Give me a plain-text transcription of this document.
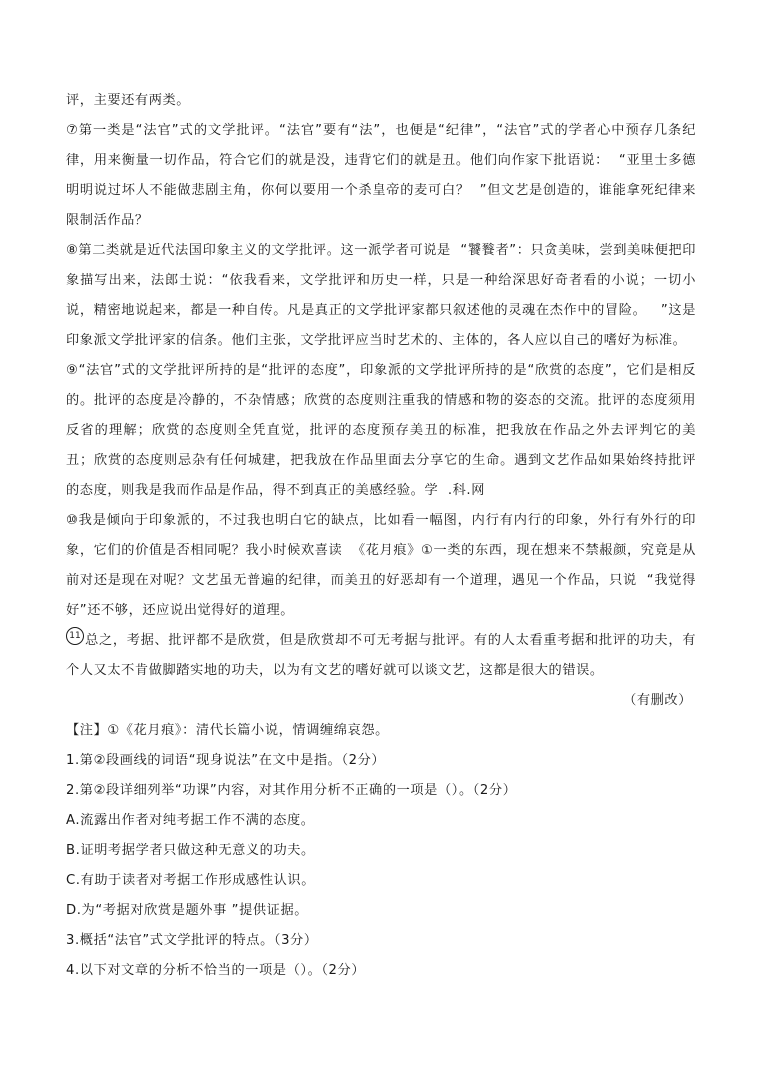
评，主要还有两类。

⑦第一类是“法官”式的文学批评。“法官”要有“法”，也便是“纪律”，“法官”式的学者心中预存几条纪律，用来衡量一切作品，符合它们的就是没，违背它们的就是丑。他们向作家下批语说：  “亚里士多德明明说过坏人不能做悲剧主角，你何以要用一个杀皇帝的麦可白？  ”但文艺是创造的，谁能拿死纪律来限制活作品？

⑧第二类就是近代法国印象主义的文学批评。这一派学者可说是  “饕餮者”：只贪美味，尝到美味便把印象描写出来，法郎士说：“依我看来，文学批评和历史一样，只是一种给深思好奇者看的小说；一切小说，精密地说起来，都是一种自传。凡是真正的文学批评家都只叙述他的灵魂在杰作中的冒险。   ”这是印象派文学批评家的信条。他们主张，文学批评应当时艺术的、主体的，各人应以自己的嗜好为标准。

⑨“法官”式的文学批评所持的是“批评的态度”，印象派的文学批评所持的是“欣赏的态度”，它们是相反的。批评的态度是冷静的，不杂情感；欣赏的态度则注重我的情感和物的姿态的交流。批评的态度须用反省的理解；欣赏的态度则全凭直觉，批评的态度预存美丑的标准，把我放在作品之外去评判它的美丑；欣赏的态度则忌杂有任何城建，把我放在作品里面去分享它的生命。遇到文艺作品如果始终持批评的态度，则我是我而作品是作品，得不到真正的美感经验。学  .科.网

⑩我是倾向于印象派的，不过我也明白它的缺点，比如看一幅图，内行有内行的印象，外行有外行的印象，它们的价值是否相同呢？我小时候欢喜读  《花月痕》①一类的东西，现在想来不禁赧颜，究竟是从前对还是现在对呢？文艺虽无普遍的纪律，而美丑的好恶却有一个道理，遇见一个作品，只说  “我觉得好”还不够，还应说出觉得好的道理。

11 总之，考据、批评都不是欣赏，但是欣赏却不可无考据与批评。有的人太看重考据和批评的功夫，有个人又太不肯做脚踏实地的功夫，以为有文艺的嗜好就可以谈文艺，这都是很大的错误。

（有删改）

【注】①《花月痕》：清代长篇小说，情调缠绵哀怨。

1.第②段画线的词语“现身说法”在文中是指。（2分）

2.第②段详细列举“功课”内容，对其作用分析不正确的一项是（）。（2分）

A.流露出作者对纯考据工作不满的态度。

B.证明考据学者只做这种无意义的功夫。

C.有助于读者对考据工作形成感性认识。

D.为“考据对欣赏是题外事 ”提供证据。

3.概括“法官”式文学批评的特点。（3分）

4.以下对文章的分析不恰当的一项是（）。（2分）
